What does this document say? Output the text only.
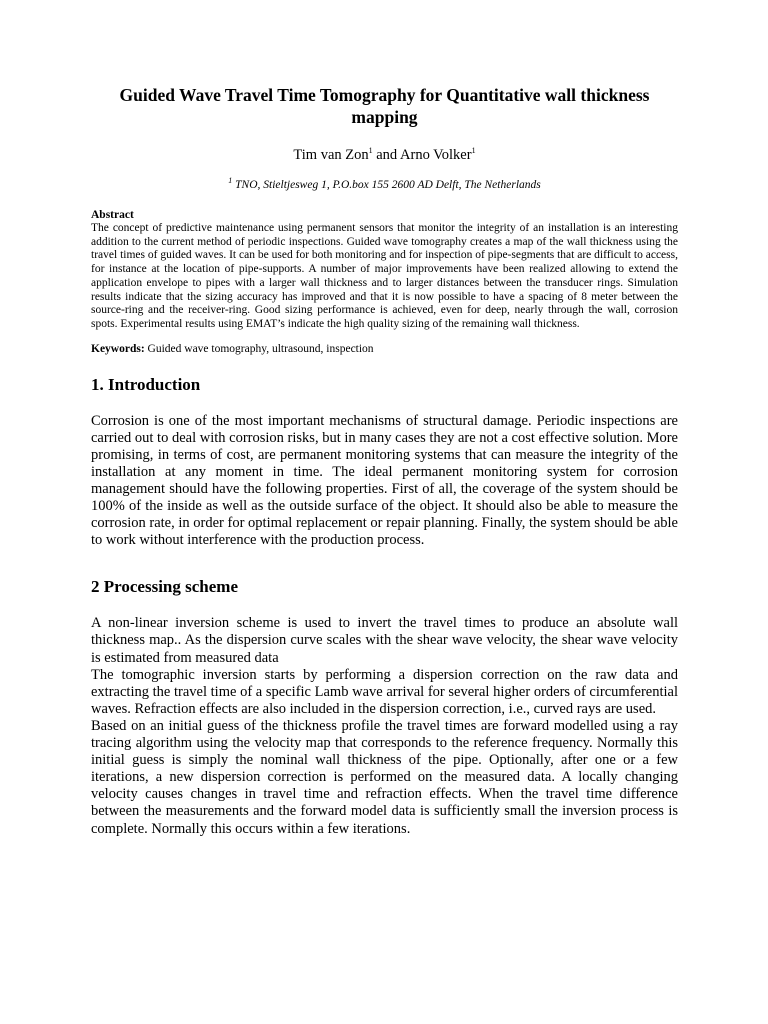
Guided Wave Travel Time Tomography for Quantitative wall thickness mapping
Tim van Zon$^1$ and Arno Volker$^1$
$^1$ TNO, Stieltjesweg 1, P.O.box 155 2600 AD Delft, The Netherlands
Abstract

The concept of predictive maintenance using permanent sensors that monitor the integrity of an installation is an interesting addition to the current method of periodic inspections. Guided wave tomography creates a map of the wall thickness using the travel times of guided waves. It can be used for both monitoring and for inspection of pipe-segments that are difficult to access, for instance at the location of pipe-supports. A number of major improvements have been realized allowing to extend the application envelope to pipes with a larger wall thickness and to larger distances between the transducer rings. Simulation results indicate that the sizing accuracy has improved and that it is now possible to have a spacing of 8 meter between the source-ring and the receiver-ring. Good sizing performance is achieved, even for deep, nearly through the wall, corrosion spots. Experimental results using EMAT’s indicate the high quality sizing of the remaining wall thickness.

Keywords: Guided wave tomography, ultrasound, inspection
1. Introduction

Corrosion is one of the most important mechanisms of structural damage. Periodic inspections are carried out to deal with corrosion risks, but in many cases they are not a cost effective solution. More promising, in terms of cost, are permanent monitoring systems that can measure the integrity of the installation at any moment in time. The ideal permanent monitoring system for corrosion management should have the following properties. First of all, the coverage of the system should be 100% of the inside as well as the outside surface of the object. It should also be able to measure the corrosion rate, in order for optimal replacement or repair planning. Finally, the system should be able to work without interference with the production process.

2 Processing scheme

A non-linear inversion scheme is used to invert the travel times to produce an absolute wall thickness map.. As the dispersion curve scales with the shear wave velocity, the shear wave velocity is estimated from measured data

The tomographic inversion starts by performing a dispersion correction on the raw data and extracting the travel time of a specific Lamb wave arrival for several higher orders of circumferential waves. Refraction effects are also included in the dispersion correction, i.e., curved rays are used.

Based on an initial guess of the thickness profile the travel times are forward modelled using a ray tracing algorithm using the velocity map that corresponds to the reference frequency. Normally this initial guess is simply the nominal wall thickness of the pipe. Optionally, after one or a few iterations, a new dispersion correction is performed on the measured data. A locally changing velocity causes changes in travel time and refraction effects. When the travel time difference between the measurements and the forward model data is sufficiently small the inversion process is complete. Normally this occurs within a few iterations.
